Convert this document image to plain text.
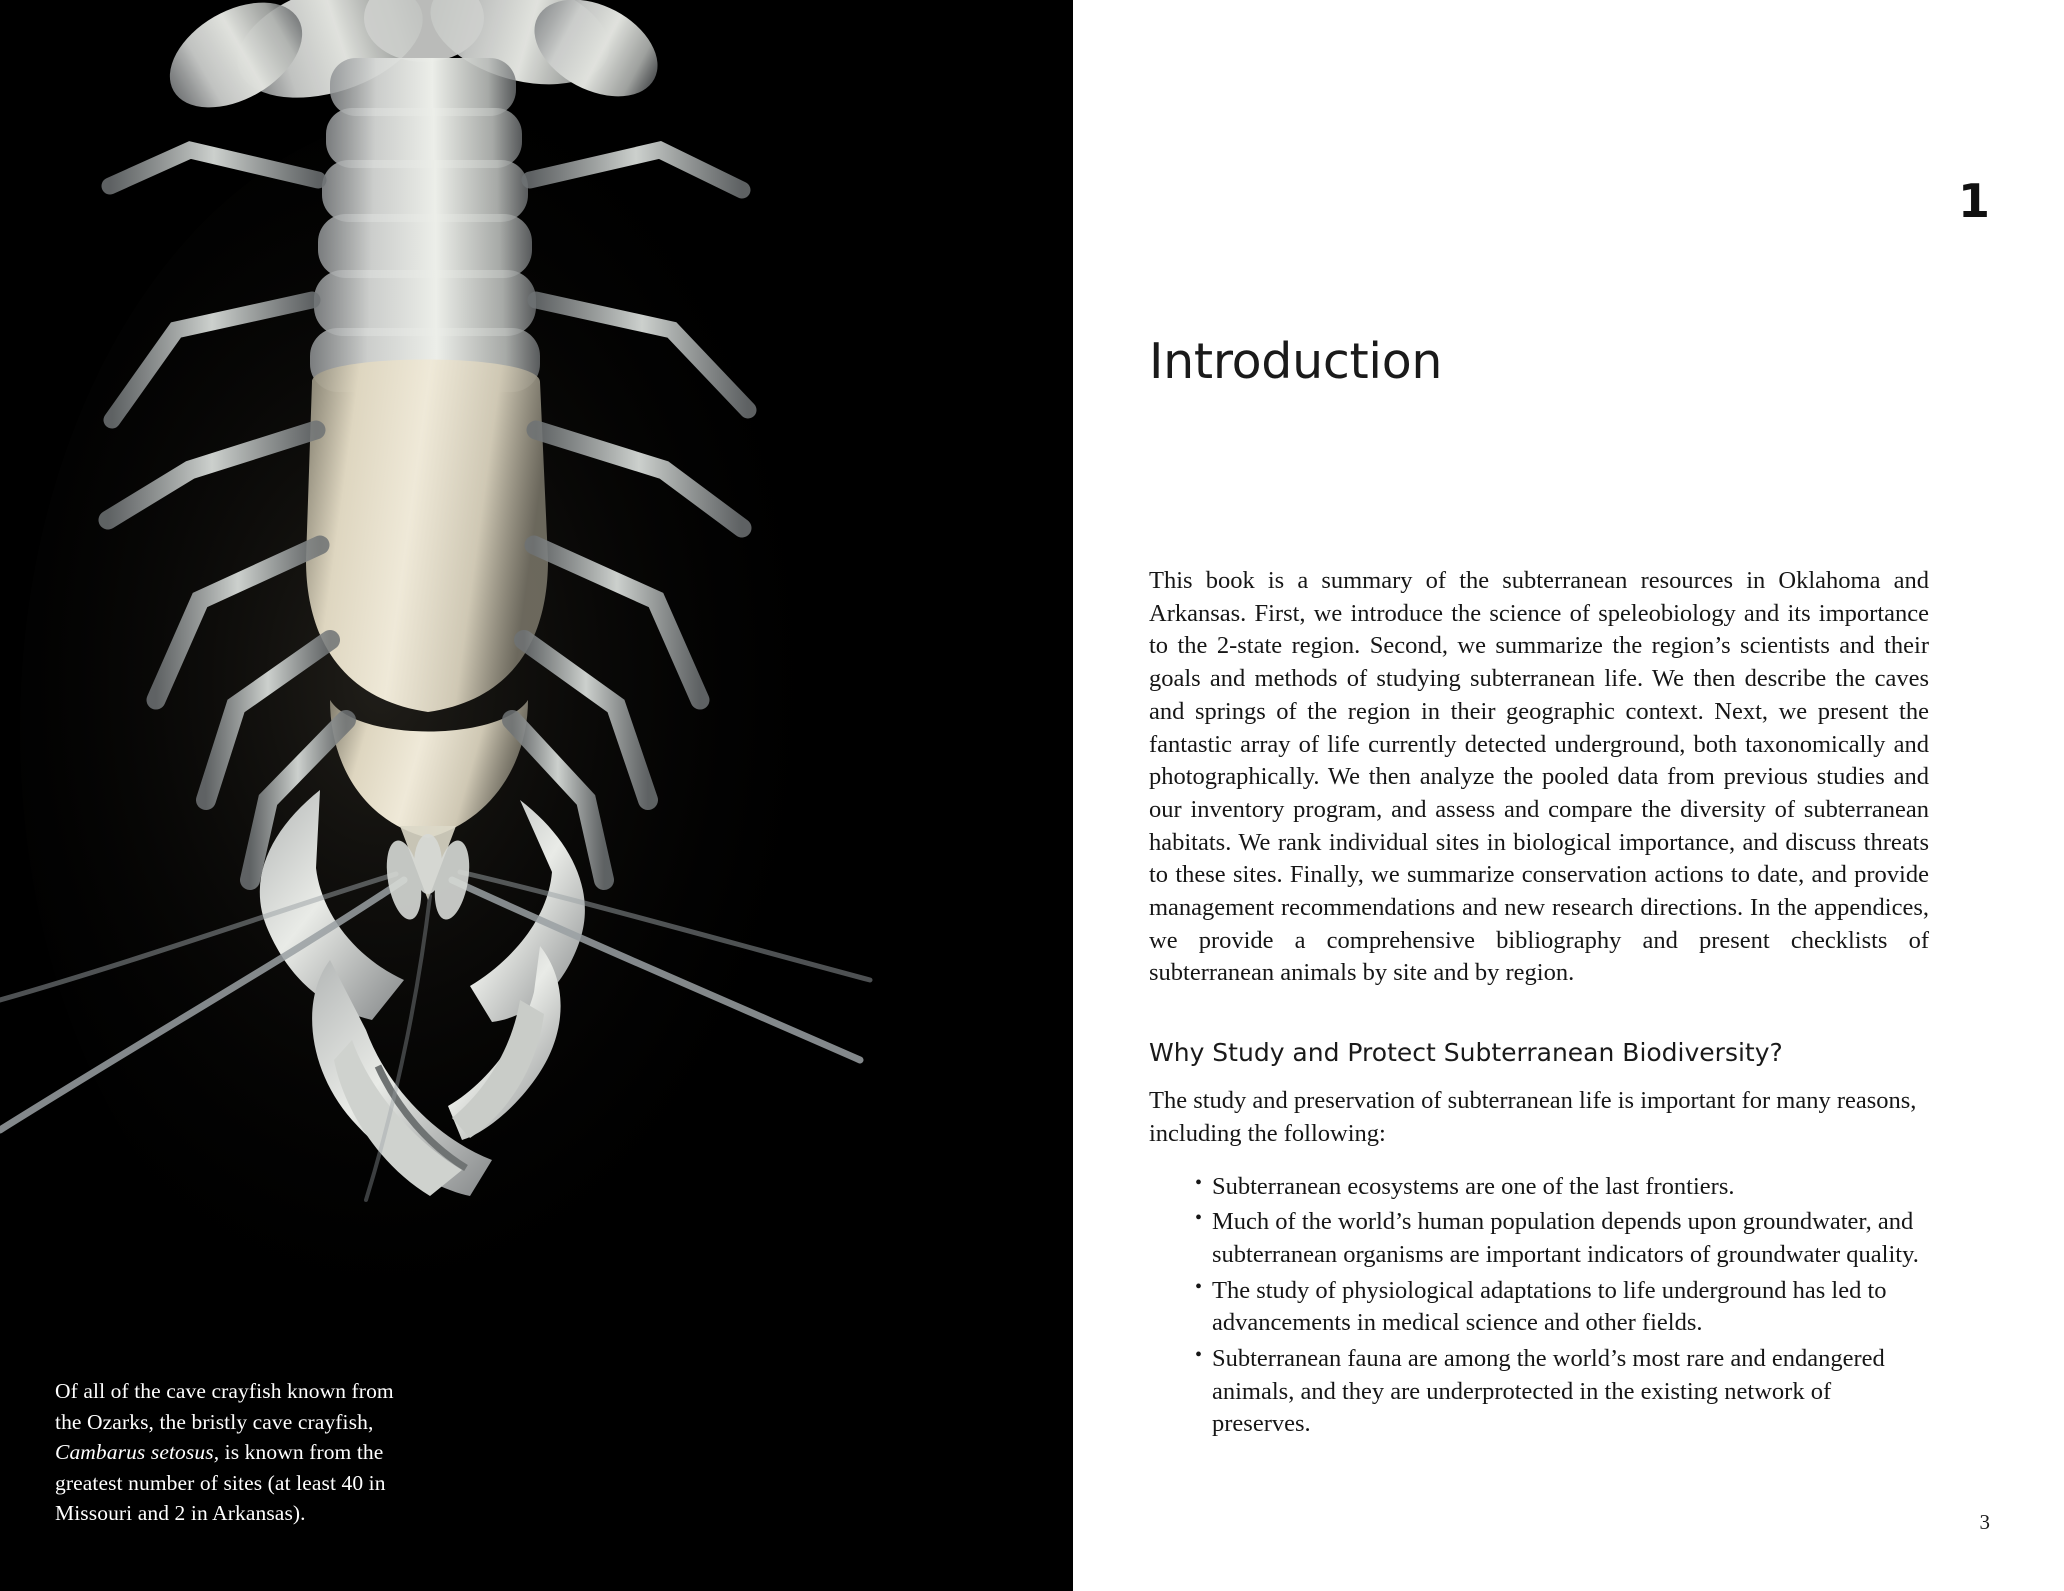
Of all of the cave crayfish known from the Ozarks, the bristly cave crayfish, Cambarus setosus, is known from the greatest number of sites (at least 40 in Missouri and 2 in Arkansas).
1
Introduction

This book is a summary of the subterranean resources in Oklahoma and Arkansas. First, we introduce the science of speleobiology and its importance to the 2-state region. Second, we summarize the region’s scientists and their goals and methods of studying subterranean life. We then describe the caves and springs of the region in their geographic context. Next, we present the fantastic array of life currently detected underground, both taxonomically and photographically. We then analyze the pooled data from previous studies and our inventory program, and assess and compare the diversity of subterranean habitats. We rank individual sites in biological importance, and discuss threats to these sites. Finally, we summarize conservation actions to date, and provide management recommendations and new research directions. In the appendices, we provide a comprehensive bibliography and present checklists of subterranean animals by site and by region.

Why Study and Protect Subterranean Biodiversity?

The study and preservation of subterranean life is important for many reasons, including the following:

• Subterranean ecosystems are one of the last frontiers.
• Much of the world’s human population depends upon groundwater, and subterranean organisms are important indicators of groundwater quality.
• The study of physiological adaptations to life underground has led to advancements in medical science and other fields.
• Subterranean fauna are among the world’s most rare and endangered animals, and they are underprotected in the existing network of preserves.
3
